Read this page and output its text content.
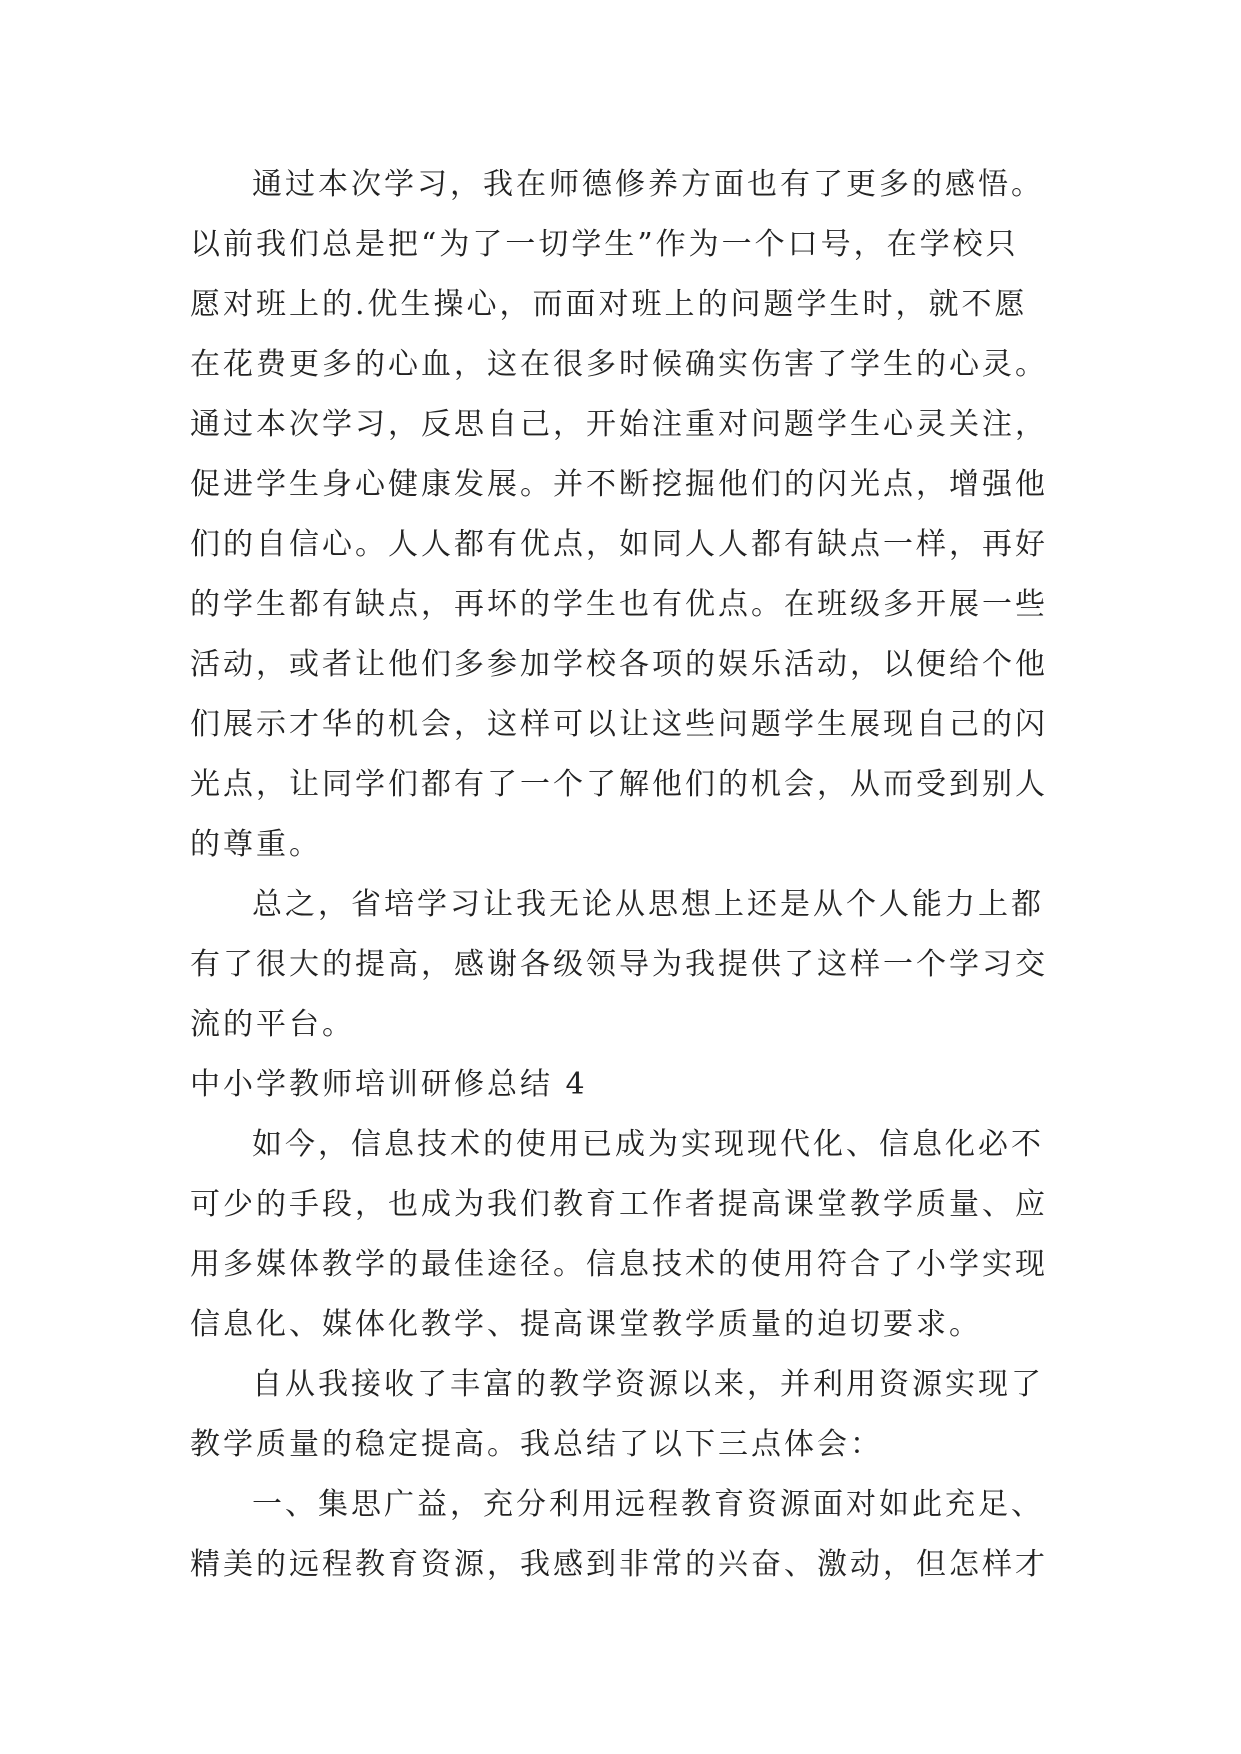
通过本次学习，我在师德修养方面也有了更多的感悟。
以前我们总是把“为了一切学生”作为一个口号，在学校只
愿对班上的.优生操心，而面对班上的问题学生时，就不愿
在花费更多的心血，这在很多时候确实伤害了学生的心灵。
通过本次学习，反思自己，开始注重对问题学生心灵关注，
促进学生身心健康发展。并不断挖掘他们的闪光点，增强他
们的自信心。人人都有优点，如同人人都有缺点一样，再好
的学生都有缺点，再坏的学生也有优点。在班级多开展一些
活动，或者让他们多参加学校各项的娱乐活动，以便给个他
们展示才华的机会，这样可以让这些问题学生展现自己的闪
光点，让同学们都有了一个了解他们的机会，从而受到别人
的尊重。
总之，省培学习让我无论从思想上还是从个人能力上都
有了很大的提高，感谢各级领导为我提供了这样一个学习交
流的平台。
中小学教师培训研修总结 4
如今，信息技术的使用已成为实现现代化、信息化必不
可少的手段，也成为我们教育工作者提高课堂教学质量、应
用多媒体教学的最佳途径。信息技术的使用符合了小学实现
信息化、媒体化教学、提高课堂教学质量的迫切要求。
自从我接收了丰富的教学资源以来，并利用资源实现了
教学质量的稳定提高。我总结了以下三点体会：
一、集思广益，充分利用远程教育资源面对如此充足、
精美的远程教育资源，我感到非常的兴奋、激动，但怎样才
